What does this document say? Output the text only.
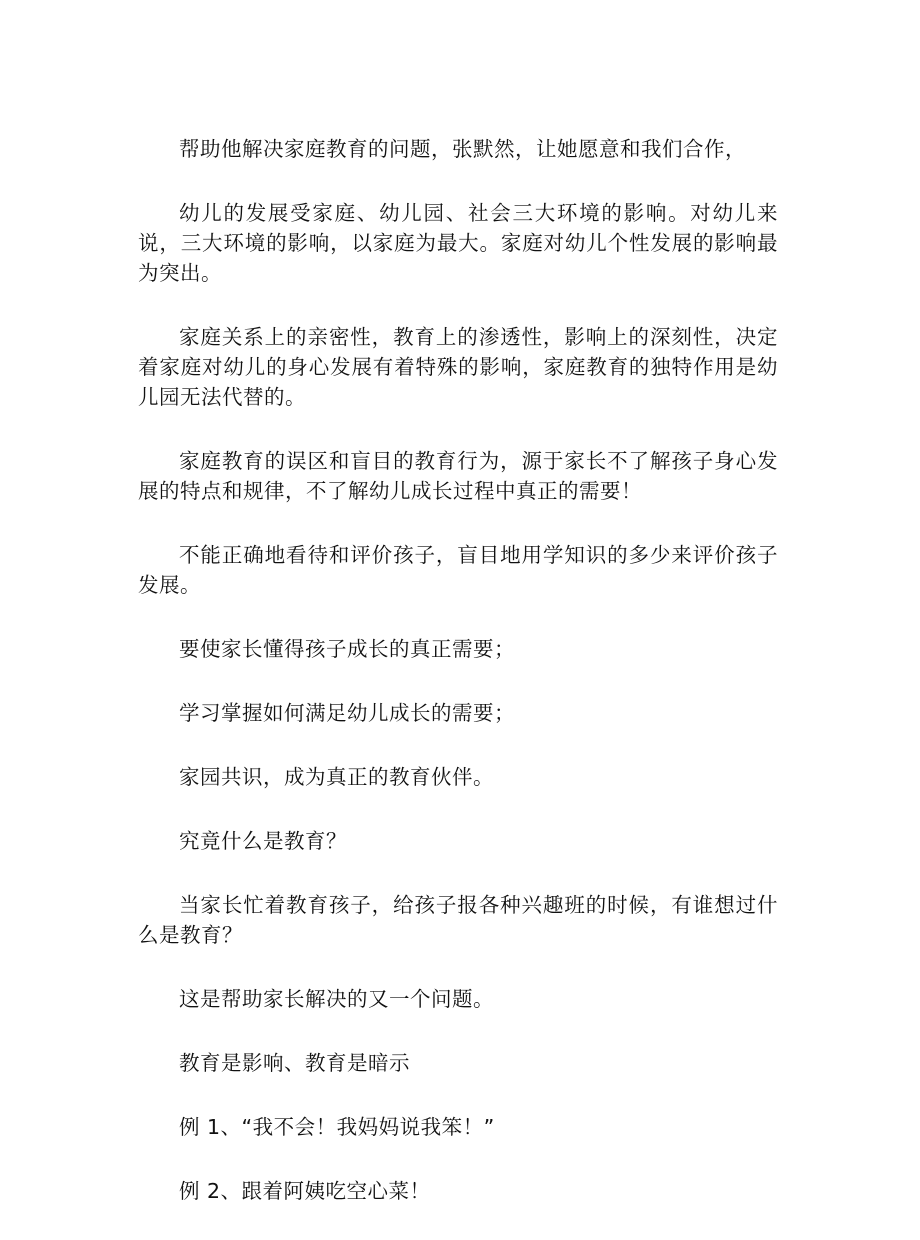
帮助他解决家庭教育的问题，张默然，让她愿意和我们合作，

幼儿的发展受家庭、幼儿园、社会三大环境的影响。对幼儿来说，三大环境的影响，以家庭为最大。家庭对幼儿个性发展的影响最为突出。

家庭关系上的亲密性，教育上的渗透性，影响上的深刻性，决定着家庭对幼儿的身心发展有着特殊的影响，家庭教育的独特作用是幼儿园无法代替的。

家庭教育的误区和盲目的教育行为，源于家长不了解孩子身心发展的特点和规律，不了解幼儿成长过程中真正的需要！

不能正确地看待和评价孩子，盲目地用学知识的多少来评价孩子发展。

要使家长懂得孩子成长的真正需要；

学习掌握如何满足幼儿成长的需要；

家园共识，成为真正的教育伙伴。

究竟什么是教育？

当家长忙着教育孩子，给孩子报各种兴趣班的时候，有谁想过什么是教育？

这是帮助家长解决的又一个问题。

教育是影响、教育是暗示

例 1、“我不会！我妈妈说我笨！”

例 2、跟着阿姨吃空心菜！
